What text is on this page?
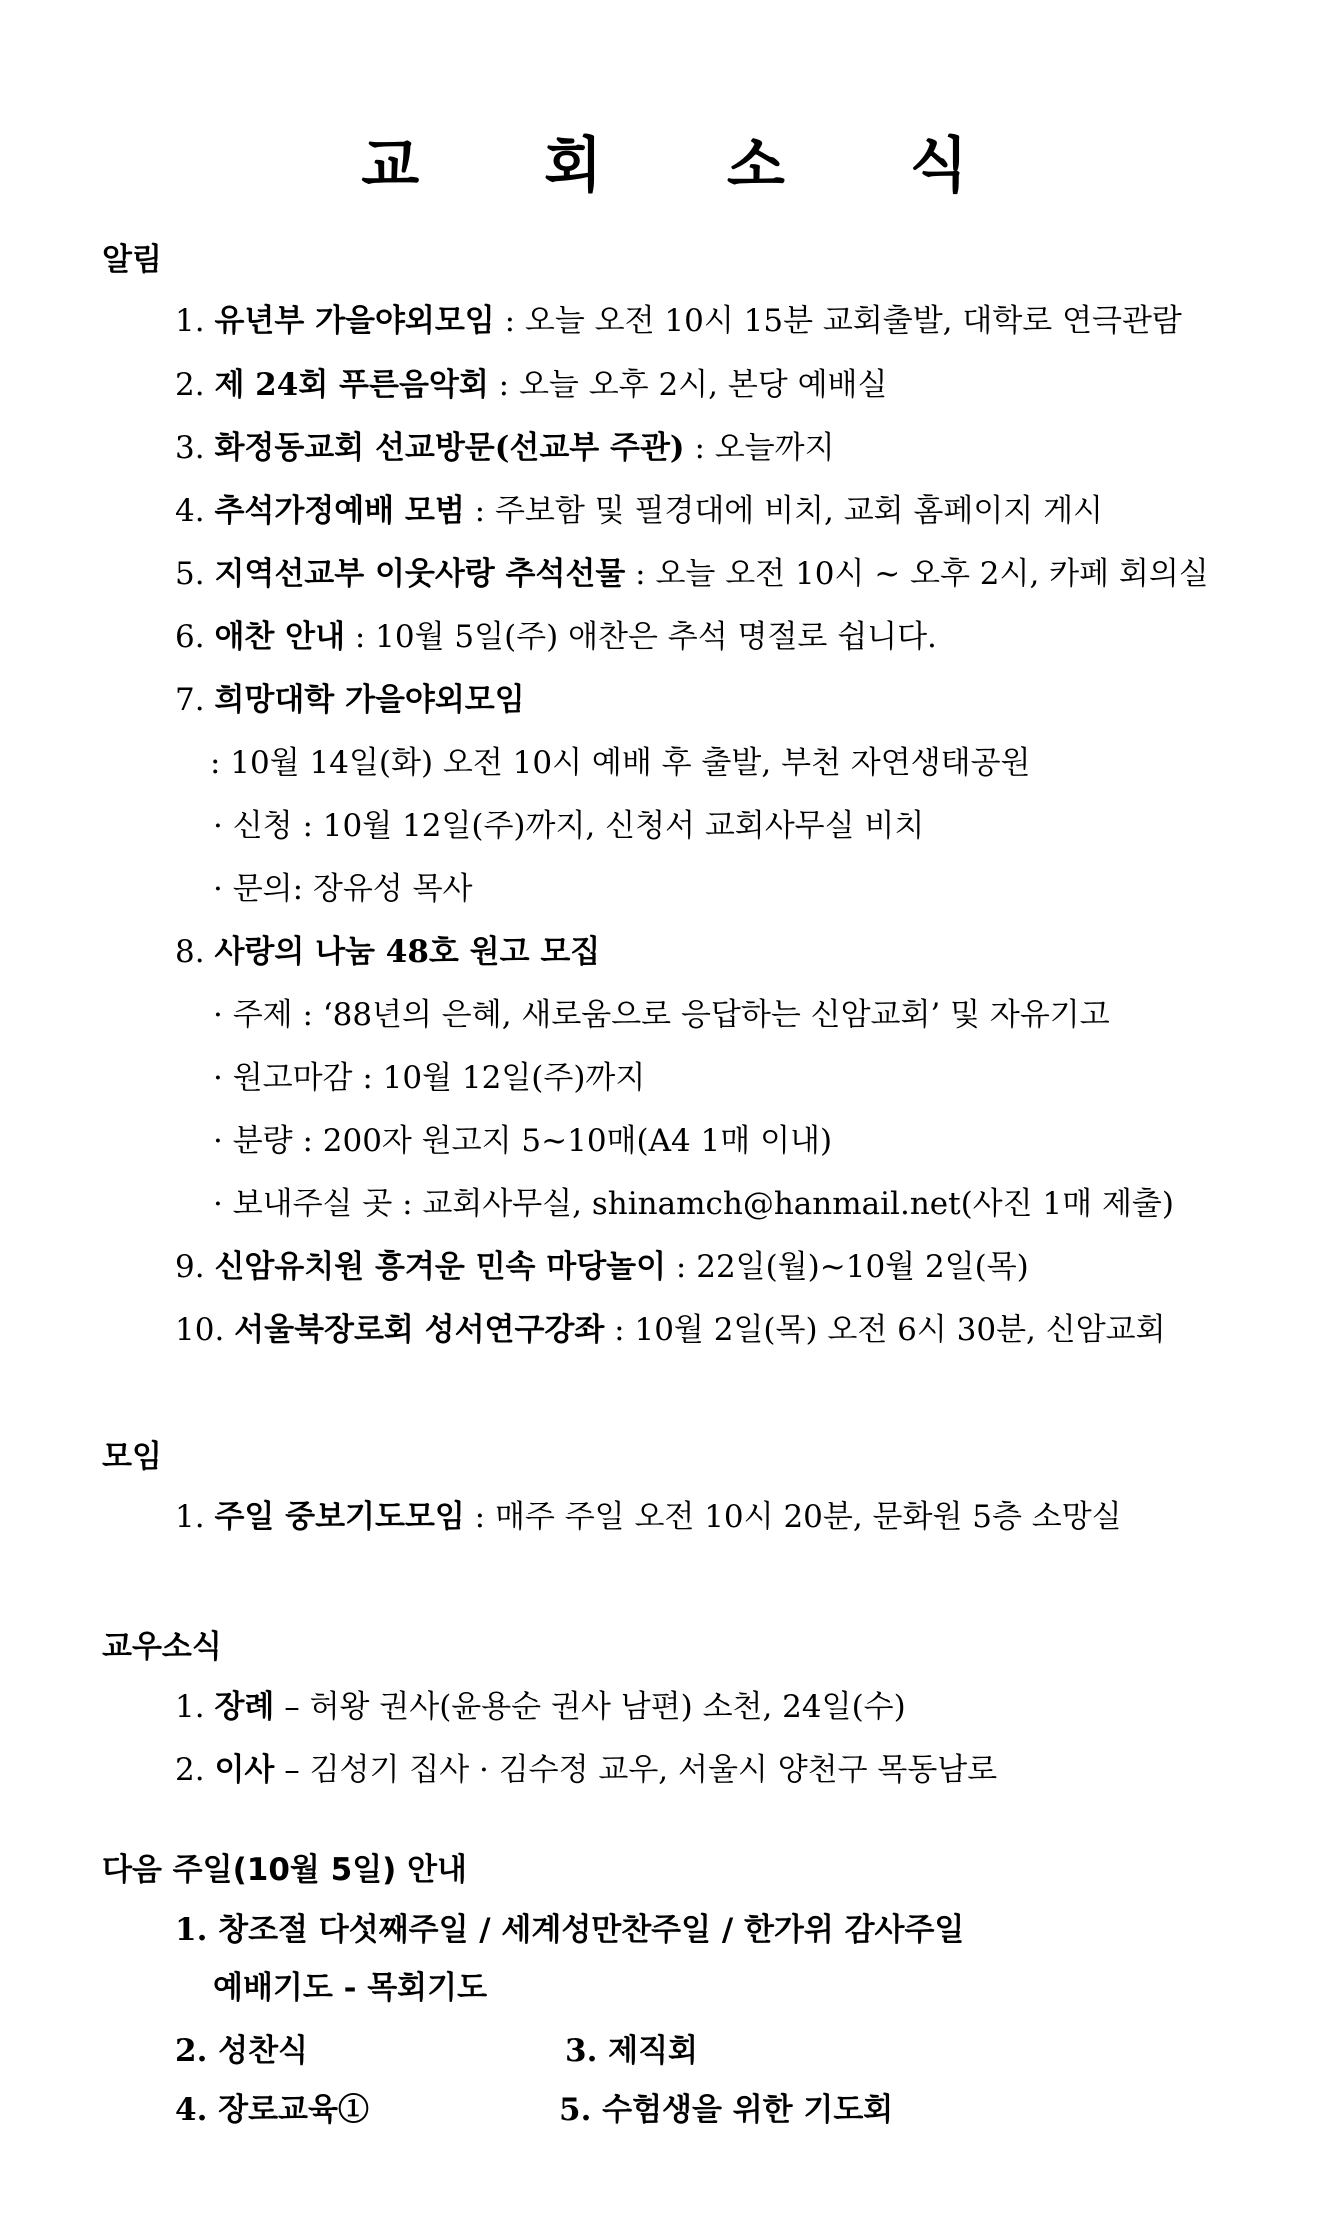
교 회 소 식
알림
1. 유년부 가을야외모임 : 오늘 오전 10시 15분 교회출발, 대학로 연극관람
2. 제 24회 푸른음악회 : 오늘 오후 2시, 본당 예배실
3. 화정동교회 선교방문(선교부 주관) : 오늘까지
4. 추석가정예배 모범 : 주보함 및 필경대에 비치, 교회 홈페이지 게시
5. 지역선교부 이웃사랑 추석선물 : 오늘 오전 10시 ~ 오후 2시, 카페 회의실
6. 애찬 안내 : 10월 5일(주) 애찬은 추석 명절로 쉽니다.
7. 희망대학 가을야외모임
: 10월 14일(화) 오전 10시 예배 후 출발, 부천 자연생태공원
· 신청 : 10월 12일(주)까지, 신청서 교회사무실 비치
· 문의: 장유성 목사
8. 사랑의 나눔 48호 원고 모집
· 주제 : ‘88년의 은혜, 새로움으로 응답하는 신암교회’ 및 자유기고
· 원고마감 : 10월 12일(주)까지
· 분량 : 200자 원고지 5~10매(A4 1매 이내)
· 보내주실 곳 : 교회사무실, shinamch@hanmail.net(사진 1매 제출)
9. 신암유치원 흥겨운 민속 마당놀이 : 22일(월)~10월 2일(목)
10. 서울북장로회 성서연구강좌 : 10월 2일(목) 오전 6시 30분, 신암교회
모임
1. 주일 중보기도모임 : 매주 주일 오전 10시 20분, 문화원 5층 소망실
교우소식
1. 장례 – 허왕 권사(윤용순 권사 남편) 소천, 24일(수)
2. 이사 – 김성기 집사 · 김수정 교우, 서울시 양천구 목동남로
다음 주일(10월 5일) 안내
1. 창조절 다섯째주일 / 세계성만찬주일 / 한가위 감사주일
예배기도 - 목회기도
2. 성찬식	3. 제직회
4. 장로교육①	5. 수험생을 위한 기도회
